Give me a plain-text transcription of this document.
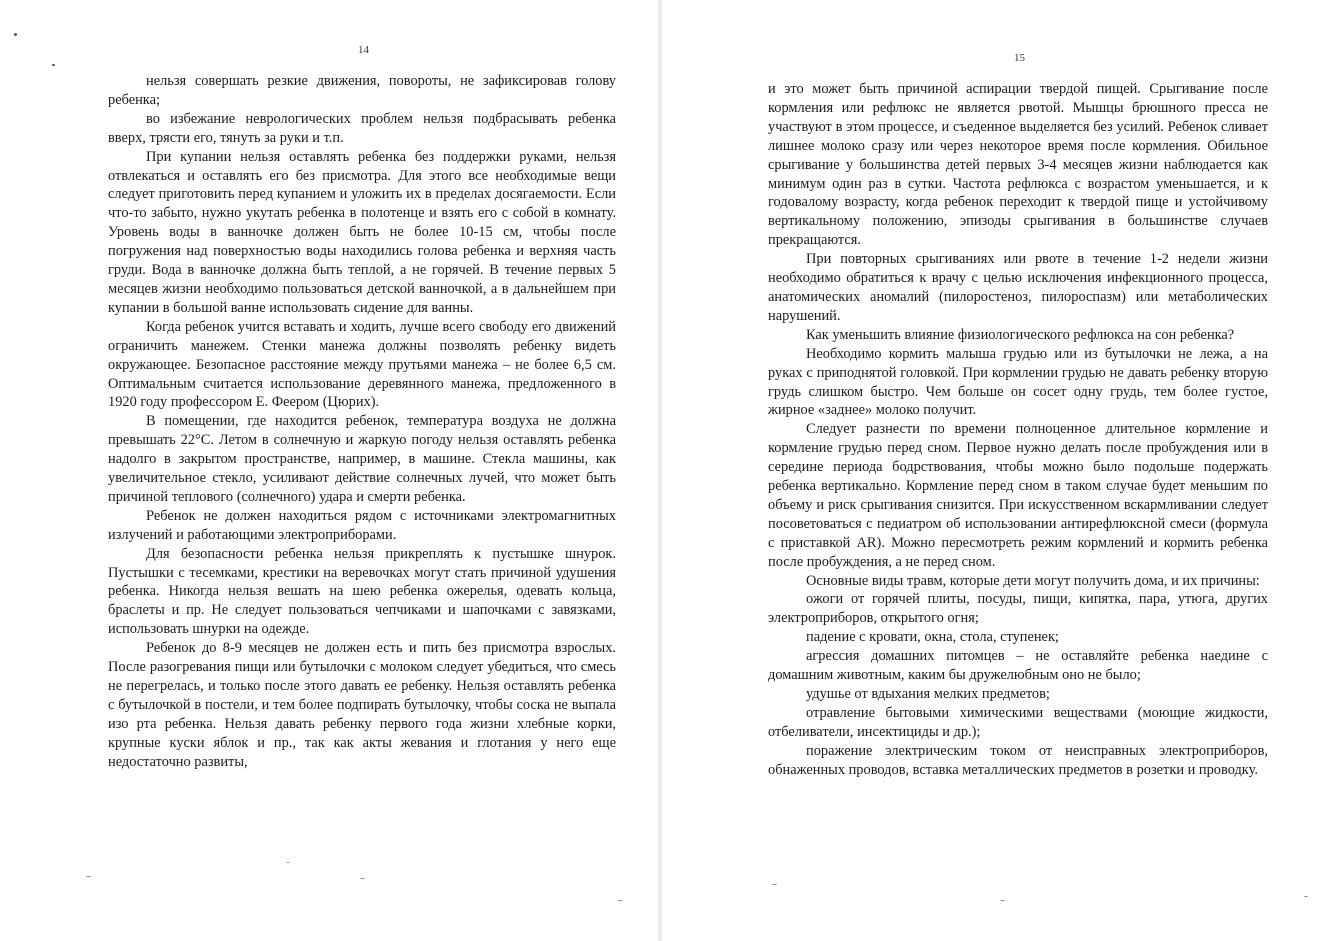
14

нельзя совершать резкие движения, повороты, не зафиксировав голову ребенка;

во избежание неврологических проблем нельзя подбрасывать ребенка вверх, трясти его, тянуть за руки и т.п.

При купании нельзя оставлять ребенка без поддержки руками, нельзя отвлекаться и оставлять его без присмотра. Для этого все необходимые вещи следует приготовить перед купанием и уложить их в пределах досягаемости. Если что-то забыто, нужно укутать ребенка в полотенце и взять его с собой в комнату. Уровень воды в ванночке должен быть не более 10-15 см, чтобы после погружения над поверхностью воды находились голова ребенка и верхняя часть груди. Вода в ванночке должна быть теплой, а не горячей. В течение первых 5 месяцев жизни необходимо пользоваться детской ванночкой, а в дальнейшем при купании в большой ванне использовать сидение для ванны.

Когда ребенок учится вставать и ходить, лучше всего свободу его движений ограничить манежем. Стенки манежа должны позволять ребенку видеть окружающее. Безопасное расстояние между прутьями манежа – не более 6,5 см. Оптимальным считается использование деревянного манежа, предложенного в 1920 году профессором Е. Феером (Цюрих).

В помещении, где находится ребенок, температура воздуха не должна превышать 22°С. Летом в солнечную и жаркую погоду нельзя оставлять ребенка надолго в закрытом пространстве, например, в машине. Стекла машины, как увеличительное стекло, усиливают действие солнечных лучей, что может быть причиной теплового (солнечного) удара и смерти ребенка.

Ребенок не должен находиться рядом с источниками электромагнитных излучений и работающими электроприборами.

Для безопасности ребенка нельзя прикреплять к пустышке шнурок. Пустышки с тесемками, крестики на веревочках могут стать причиной удушения ребенка. Никогда нельзя вешать на шею ребенка ожерелья, одевать кольца, браслеты и пр. Не следует пользоваться чепчиками и шапочками с завязками, использовать шнурки на одежде.

Ребенок до 8-9 месяцев не должен есть и пить без присмотра взрослых. После разогревания пищи или бутылочки с молоком следует убедиться, что смесь не перегрелась, и только после этого давать ее ребенку. Нельзя оставлять ребенка с бутылочкой в постели, и тем более подпирать бутылочку, чтобы соска не выпала изо рта ребенка. Нельзя давать ребенку первого года жизни хлебные корки, крупные куски яблок и пр., так как акты жевания и глотания у него еще недостаточно развиты,

15

и это может быть причиной аспирации твердой пищей. Срыгивание после кормления или рефлюкс не является рвотой. Мышцы брюшного пресса не участвуют в этом процессе, и съеденное выделяется без усилий. Ребенок сливает лишнее молоко сразу или через некоторое время после кормления. Обильное срыгивание у большинства детей первых 3-4 месяцев жизни наблюдается как минимум один раз в сутки. Частота рефлюкса с возрастом уменьшается, и к годовалому возрасту, когда ребенок переходит к твердой пище и устойчивому вертикальному положению, эпизоды срыгивания в большинстве случаев прекращаются.

При повторных срыгиваниях или рвоте в течение 1-2 недели жизни необходимо обратиться к врачу с целью исключения инфекционного процесса, анатомических аномалий (пилоростеноз, пилороспазм) или метаболических нарушений.

Как уменьшить влияние физиологического рефлюкса на сон ребенка?

Необходимо кормить малыша грудью или из бутылочки не лежа, а на руках с приподнятой головкой. При кормлении грудью не давать ребенку вторую грудь слишком быстро. Чем больше он сосет одну грудь, тем более густое, жирное «заднее» молоко получит.

Следует разнести по времени полноценное длительное кормление и кормление грудью перед сном. Первое нужно делать после пробуждения или в середине периода бодрствования, чтобы можно было подольше подержать ребенка вертикально. Кормление перед сном в таком случае будет меньшим по объему и риск срыгивания снизится. При искусственном вскармливании следует посоветоваться с педиатром об использовании антирефлюксной смеси (формула с приставкой AR). Можно пересмотреть режим кормлений и кормить ребенка после пробуждения, а не перед сном.

Основные виды травм, которые дети могут получить дома, и их причины:

ожоги от горячей плиты, посуды, пищи, кипятка, пара, утюга, других электроприборов, открытого огня;

падение с кровати, окна, стола, ступенек;

агрессия домашних питомцев – не оставляйте ребенка наедине с домашним животным, каким бы дружелюбным оно не было;

удушье от вдыхания мелких предметов;

отравление бытовыми химическими веществами (моющие жидкости, отбеливатели, инсектициды и др.);

поражение электрическим током от неисправных электроприборов, обнаженных проводов, вставка металлических предметов в розетки и проводку.
